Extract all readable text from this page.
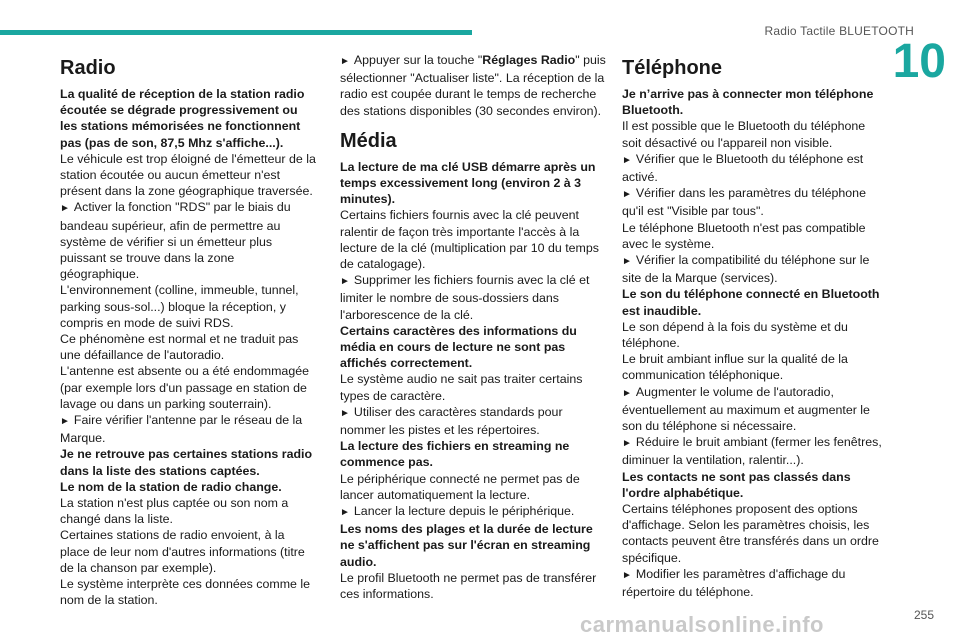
Radio Tactile BLUETOOTH
10
Radio

La qualité de réception de la station radio écoutée se dégrade progressivement ou les stations mémorisées ne fonctionnent pas (pas de son, 87,5 Mhz s'affiche...).

Le véhicule est trop éloigné de l'émetteur de la station écoutée ou aucun émetteur n'est présent dans la zone géographique traversée.

► Activer la fonction "RDS" par le biais du bandeau supérieur, afin de permettre au système de vérifier si un émetteur plus puissant se trouve dans la zone géographique.

L'environnement (colline, immeuble, tunnel, parking sous-sol...) bloque la réception, y compris en mode de suivi RDS.

Ce phénomène est normal et ne traduit pas une défaillance de l'autoradio.

L'antenne est absente ou a été endommagée (par exemple lors d'un passage en station de lavage ou dans un parking souterrain).

► Faire vérifier l'antenne par le réseau de la Marque.

Je ne retrouve pas certaines stations radio dans la liste des stations captées.

Le nom de la station de radio change.

La station n'est plus captée ou son nom a changé dans la liste.

Certaines stations de radio envoient, à la place de leur nom d'autres informations (titre de la chanson par exemple).

Le système interprète ces données comme le nom de la station.

► Appuyer sur la touche "Réglages Radio" puis sélectionner "Actualiser liste". La réception de la radio est coupée durant le temps de recherche des stations disponibles (30 secondes environ).

Média

La lecture de ma clé USB démarre après un temps excessivement long (environ 2 à 3 minutes).

Certains fichiers fournis avec la clé peuvent ralentir de façon très importante l'accès à la lecture de la clé (multiplication par 10 du temps de catalogage).

► Supprimer les fichiers fournis avec la clé et limiter le nombre de sous-dossiers dans l'arborescence de la clé.

Certains caractères des informations du média en cours de lecture ne sont pas affichés correctement.

Le système audio ne sait pas traiter certains types de caractère.

► Utiliser des caractères standards pour nommer les pistes et les répertoires.

La lecture des fichiers en streaming ne commence pas.

Le périphérique connecté ne permet pas de lancer automatiquement la lecture.

► Lancer la lecture depuis le périphérique.

Les noms des plages et la durée de lecture ne s'affichent pas sur l'écran en streaming audio.

Le profil Bluetooth ne permet pas de transférer ces informations.

Téléphone

Je n’arrive pas à connecter mon téléphone Bluetooth.

Il est possible que le Bluetooth du téléphone soit désactivé ou l'appareil non visible.

► Vérifier que le Bluetooth du téléphone est activé.

► Vérifier dans les paramètres du téléphone qu'il est "Visible par tous".

Le téléphone Bluetooth n'est pas compatible avec le système.

► Vérifier la compatibilité du téléphone sur le site de la Marque (services).

Le son du téléphone connecté en Bluetooth est inaudible.

Le son dépend à la fois du système et du téléphone.

Le bruit ambiant influe sur la qualité de la communication téléphonique.

► Augmenter le volume de l'autoradio, éventuellement au maximum et augmenter le son du téléphone si nécessaire.

► Réduire le bruit ambiant (fermer les fenêtres, diminuer la ventilation, ralentir...).

Les contacts ne sont pas classés dans l'ordre alphabétique.

Certains téléphones proposent des options d'affichage. Selon les paramètres choisis, les contacts peuvent être transférés dans un ordre spécifique.

► Modifier les paramètres d'affichage du répertoire du téléphone.

carmanualsonline.info	255
